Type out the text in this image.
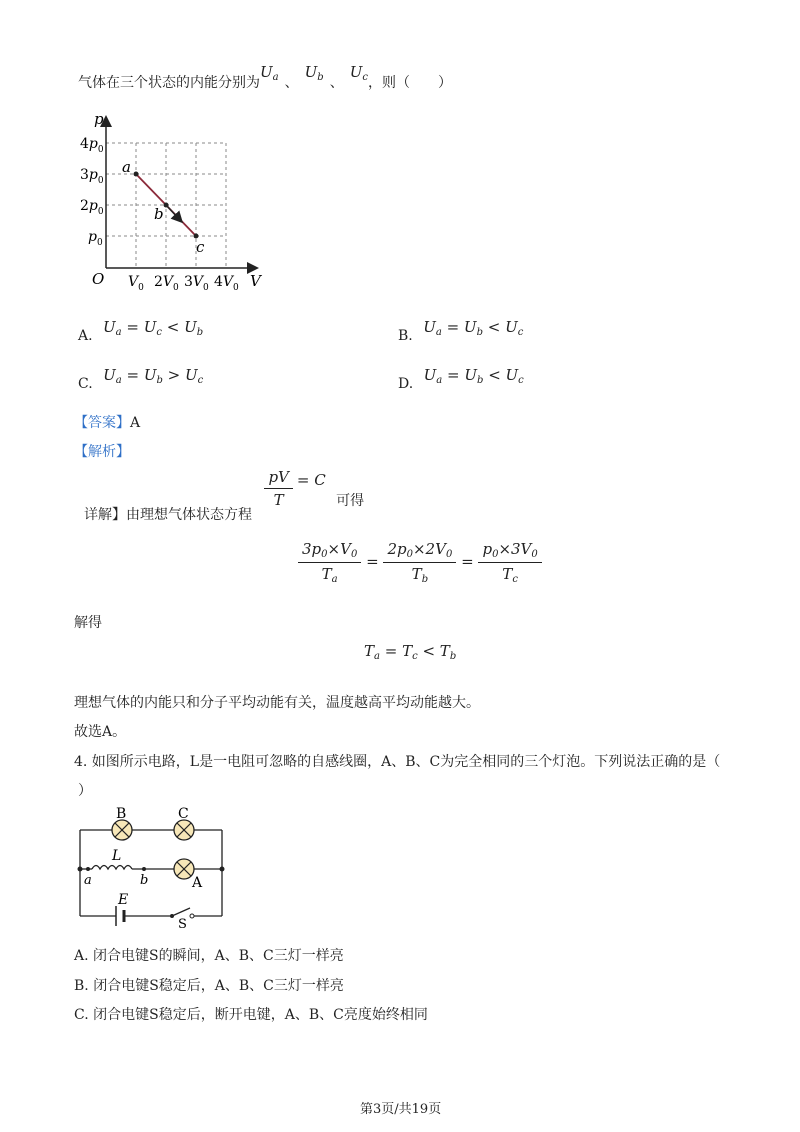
气体在三个状态的内能分别为$U_a$ 、$U_b$ 、$U_c$，则（　　）
p
V
O
$4p_0$
$3p_0$
$2p_0$
$p_0$
$V_0$ $2V_0$ $3V_0$ $4V_0$
a
b
c
A. $U_a = U_c < U_b$	B. $U_a = U_b < U_c$
C. $U_a = U_b > U_c$	D. $U_a = U_b < U_c$
【答案】A
【解析】
详解】由理想气体状态方程
$\frac{pV}{T} = C$ 可得
$\frac{3p_0\times V_0}{T_a} = \frac{2p_0\times 2V_0}{T_b} = \frac{p_0\times 3V_0}{T_c}$
解得
$T_a = T_c < T_b$
理想气体的内能只和分子平均动能有关，温度越高平均动能越大。
故选A。
4. 如图所示电路，L是一电阻可忽略的自感线圈，A、B、C为完全相同的三个灯泡。下列说法正确的是（
）
B	C
A
L
a	b
E
S
A. 闭合电键S的瞬间，A、B、C三灯一样亮
B. 闭合电键S稳定后，A、B、C三灯一样亮
C. 闭合电键S稳定后，断开电键，A、B、C亮度始终相同
第3页/共19页
